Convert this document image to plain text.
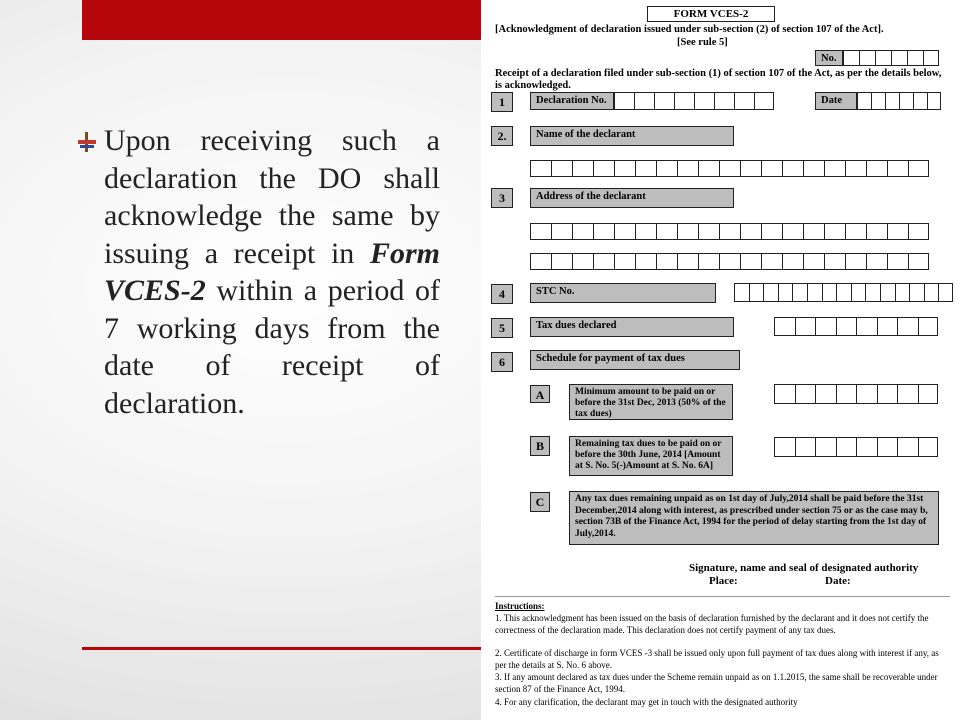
Upon receiving such a declaration the DO shall acknowledge the same by issuing a receipt in Form VCES-2 within a period of 7 working days from the date of receipt of declaration.
FORM VCES-2
[Acknowledgment of declaration issued under sub-section (2) of section 107 of the Act].
[See rule 5]
No.
Receipt of a declaration filed under sub-section (1) of section 107 of the Act, as per the details below, is acknowledged.
1	Declaration No.	Date
2.	Name of the declarant
3	Address of the declarant
4	STC No.
5	Tax dues declared
6	Schedule for payment of tax dues
A	Minimum amount to be paid on or before the 31st Dec, 2013 (50% of the tax dues)
B	Remaining tax dues to be paid on or before the 30th June, 2014 [Amount at S. No. 5(-)Amount at S. No. 6A]
C	Any tax dues remaining unpaid as on 1st day of July,2014 shall be paid before the 31st December,2014 along with interest, as prescribed under section 75 or as the case may b, section 73B of the Finance Act, 1994 for the period of delay starting from the 1st day of July,2014.
Signature, name and seal of designated authority
Place:	Date:
Instructions:
1. This acknowledgment has been issued on the basis of declaration furnished by the declarant and it does not certify the correctness of the declaration made. This declaration does not certify payment of any tax dues.
2. Certificate of discharge in form VCES -3 shall be issued only upon full payment of tax dues along with interest if any, as per the details at S. No. 6 above.
3. If any amount declared as tax dues under the Scheme remain unpaid as on 1.1.2015, the same shall be recoverable under section 87 of the Finance Act, 1994.
4. For any clarification, the declarant may get in touch with the designated authority
